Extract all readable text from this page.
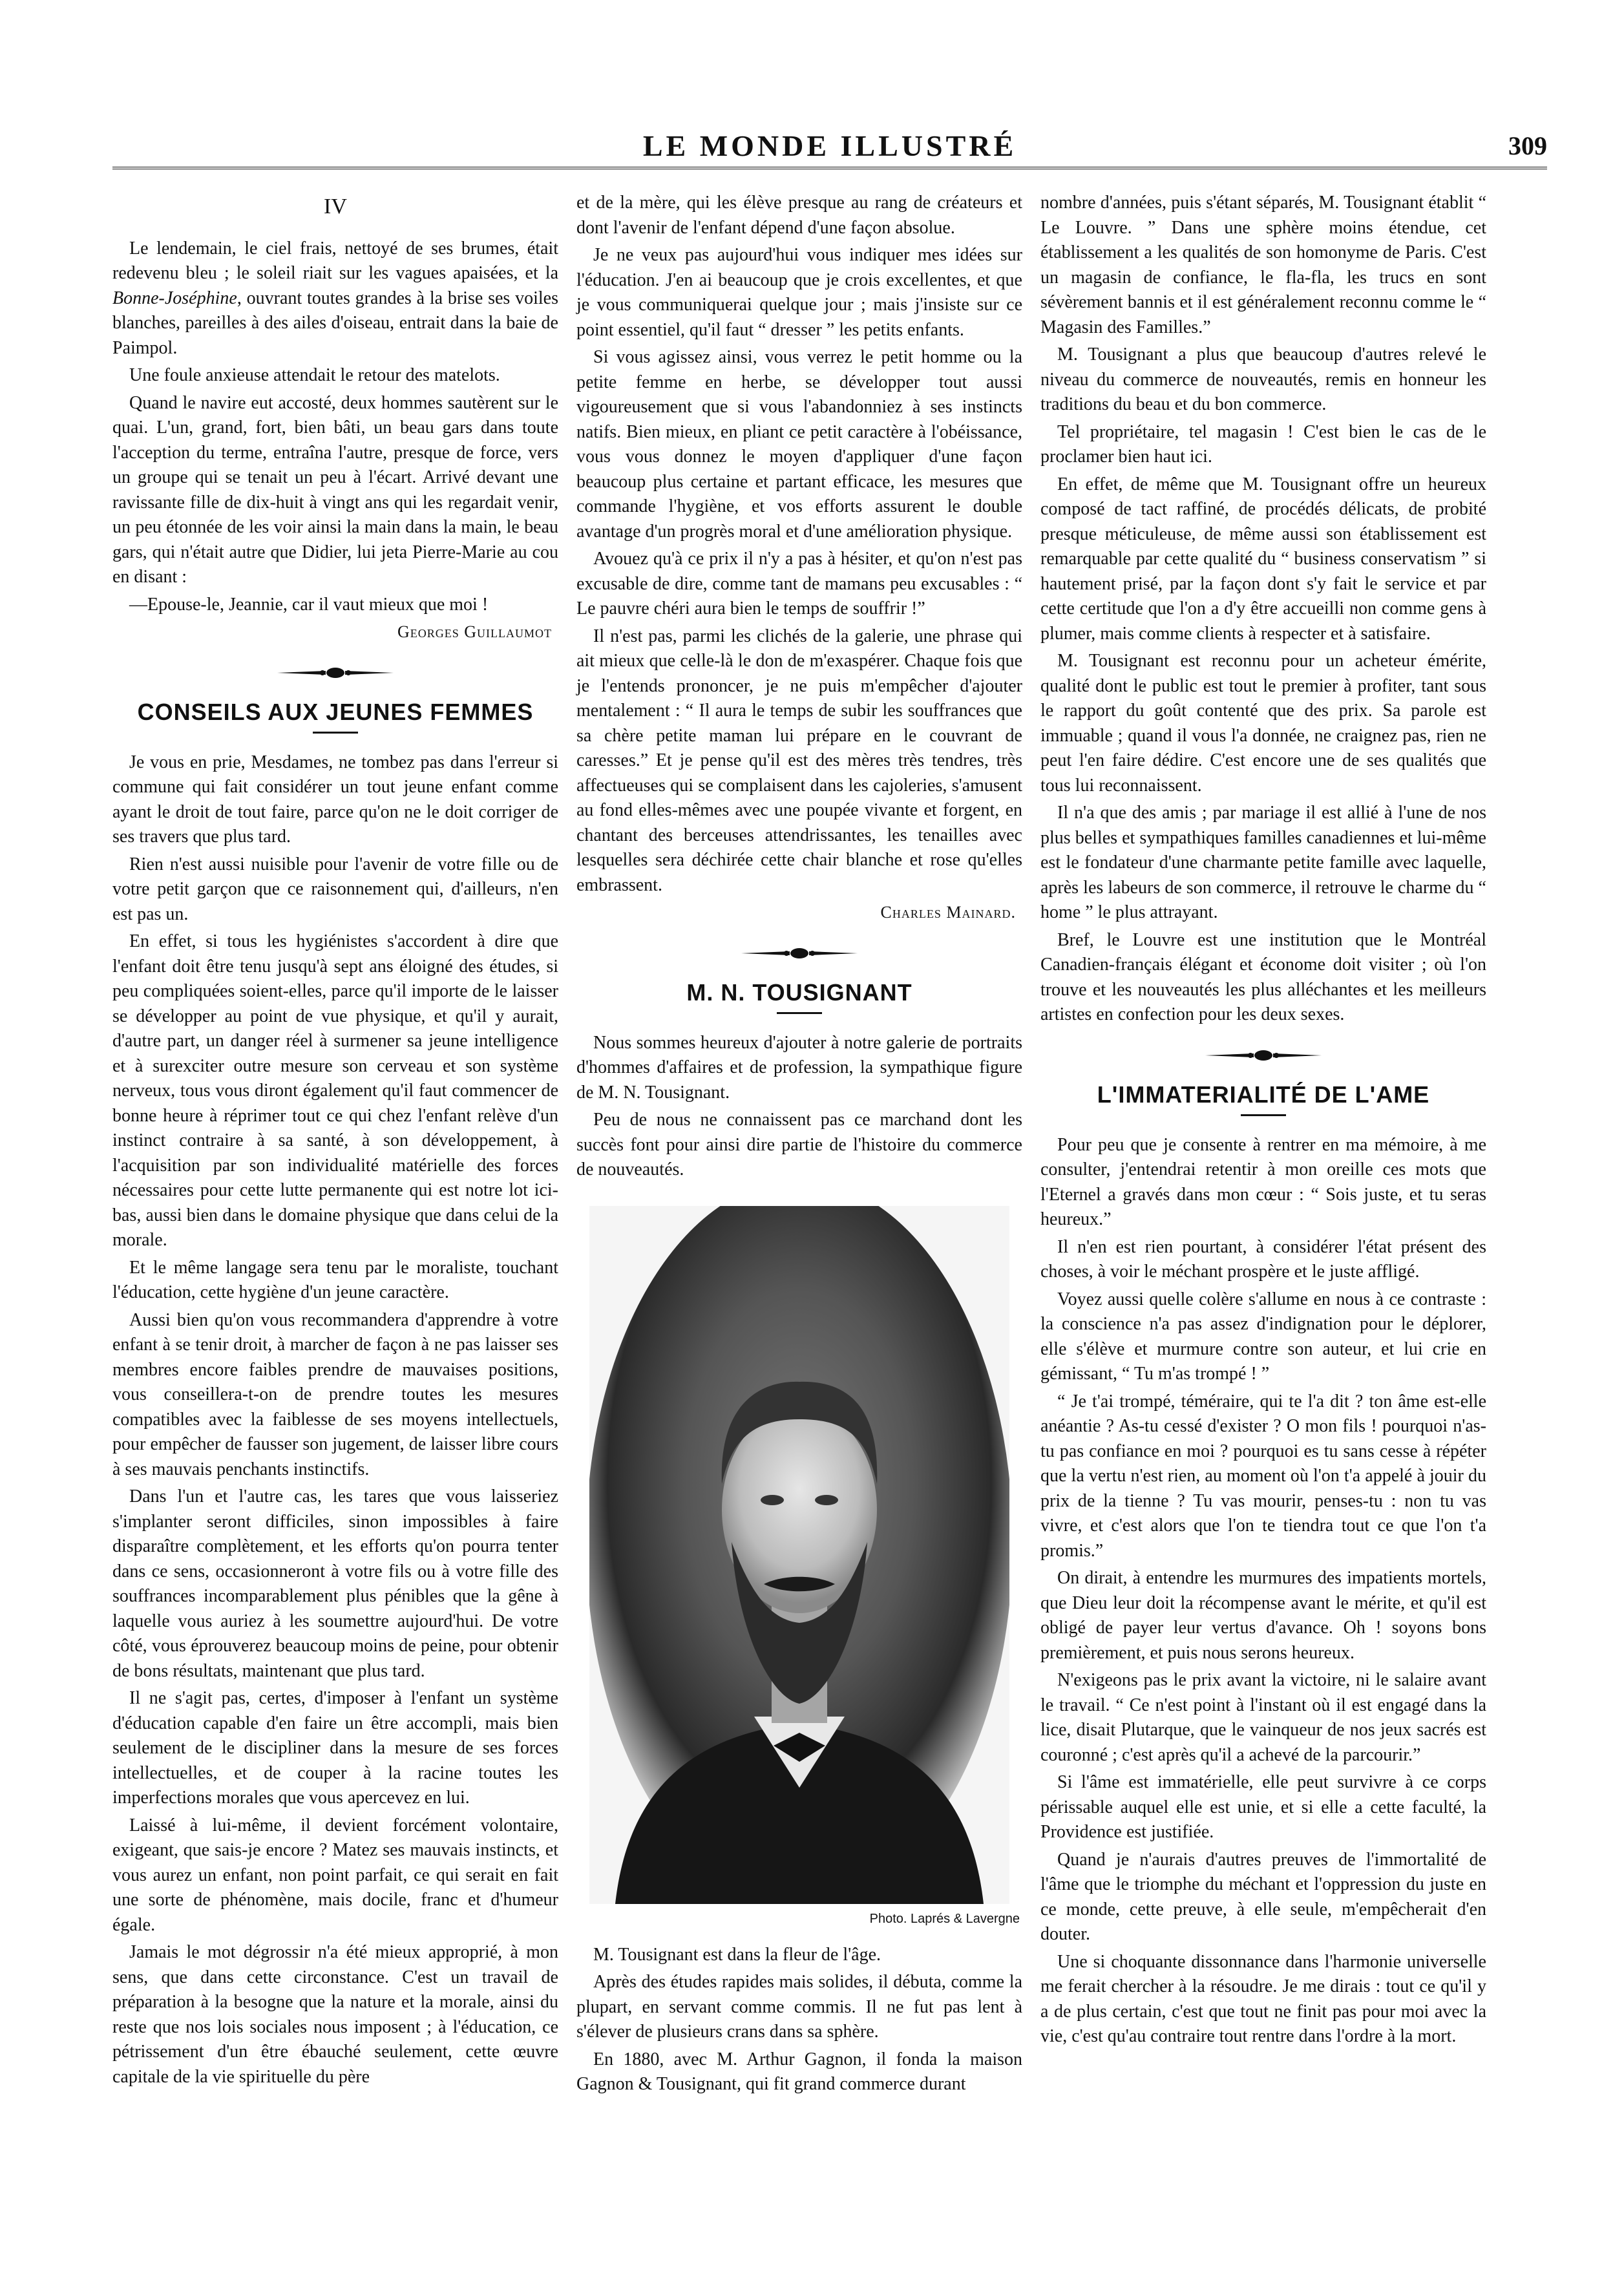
LE MONDE ILLUSTRÉ	309
IV

Le lendemain, le ciel frais, nettoyé de ses brumes, était redevenu bleu ; le soleil riait sur les vagues apaisées, et la Bonne-Joséphine, ouvrant toutes grandes à la brise ses voiles blanches, pareilles à des ailes d'oiseau, entrait dans la baie de Paimpol.

Une foule anxieuse attendait le retour des matelots.

Quand le navire eut accosté, deux hommes sautèrent sur le quai. L'un, grand, fort, bien bâti, un beau gars dans toute l'acception du terme, entraîna l'autre, presque de force, vers un groupe qui se tenait un peu à l'écart. Arrivé devant une ravissante fille de dix-huit à vingt ans qui les regardait venir, un peu étonnée de les voir ainsi la main dans la main, le beau gars, qui n'était autre que Didier, lui jeta Pierre-Marie au cou en disant :

—Epouse-le, Jeannie, car il vaut mieux que moi !

Georges Guillaumot
CONSEILS AUX JEUNES FEMMES

Je vous en prie, Mesdames, ne tombez pas dans l'erreur si commune qui fait considérer un tout jeune enfant comme ayant le droit de tout faire, parce qu'on ne le doit corriger de ses travers que plus tard.

Rien n'est aussi nuisible pour l'avenir de votre fille ou de votre petit garçon que ce raisonnement qui, d'ailleurs, n'en est pas un.

En effet, si tous les hygiénistes s'accordent à dire que l'enfant doit être tenu jusqu'à sept ans éloigné des études, si peu compliquées soient-elles, parce qu'il importe de le laisser se développer au point de vue physique, et qu'il y aurait, d'autre part, un danger réel à surmener sa jeune intelligence et à surexciter outre mesure son cerveau et son système nerveux, tous vous diront également qu'il faut commencer de bonne heure à réprimer tout ce qui chez l'enfant relève d'un instinct contraire à sa santé, à son développement, à l'acquisition par son individualité matérielle des forces nécessaires pour cette lutte permanente qui est notre lot ici-bas, aussi bien dans le domaine physique que dans celui de la morale.

Et le même langage sera tenu par le moraliste, touchant l'éducation, cette hygiène d'un jeune caractère.

Aussi bien qu'on vous recommandera d'apprendre à votre enfant à se tenir droit, à marcher de façon à ne pas laisser ses membres encore faibles prendre de mauvaises positions, vous conseillera-t-on de prendre toutes les mesures compatibles avec la faiblesse de ses moyens intellectuels, pour empêcher de fausser son jugement, de laisser libre cours à ses mauvais penchants instinctifs.

Dans l'un et l'autre cas, les tares que vous laisseriez s'implanter seront difficiles, sinon impossibles à faire disparaître complètement, et les efforts qu'on pourra tenter dans ce sens, occasionneront à votre fils ou à votre fille des souffrances incomparablement plus pénibles que la gêne à laquelle vous auriez à les soumettre aujourd'hui. De votre côté, vous éprouverez beaucoup moins de peine, pour obtenir de bons résultats, maintenant que plus tard.

Il ne s'agit pas, certes, d'imposer à l'enfant un système d'éducation capable d'en faire un être accompli, mais bien seulement de le discipliner dans la mesure de ses forces intellectuelles, et de couper à la racine toutes les imperfections morales que vous apercevez en lui.

Laissé à lui-même, il devient forcément volontaire, exigeant, que sais-je encore ? Matez ses mauvais instincts, et vous aurez un enfant, non point parfait, ce qui serait en fait une sorte de phénomène, mais docile, franc et d'humeur égale.

Jamais le mot dégrossir n'a été mieux approprié, à mon sens, que dans cette circonstance. C'est un travail de préparation à la besogne que la nature et la morale, ainsi du reste que nos lois sociales nous imposent ; à l'éducation, ce pétrissement d'un être ébauché seulement, cette œuvre capitale de la vie spirituelle du père

et de la mère, qui les élève presque au rang de créateurs et dont l'avenir de l'enfant dépend d'une façon absolue.

Je ne veux pas aujourd'hui vous indiquer mes idées sur l'éducation. J'en ai beaucoup que je crois excellentes, et que je vous communiquerai quelque jour ; mais j'insiste sur ce point essentiel, qu'il faut “ dresser ” les petits enfants.

Si vous agissez ainsi, vous verrez le petit homme ou la petite femme en herbe, se développer tout aussi vigoureusement que si vous l'abandonniez à ses instincts natifs. Bien mieux, en pliant ce petit caractère à l'obéissance, vous vous donnez le moyen d'appliquer d'une façon beaucoup plus certaine et partant efficace, les mesures que commande l'hygiène, et vos efforts assurent le double avantage d'un progrès moral et d'une amélioration physique.

Avouez qu'à ce prix il n'y a pas à hésiter, et qu'on n'est pas excusable de dire, comme tant de mamans peu excusables : “ Le pauvre chéri aura bien le temps de souffrir !”

Il n'est pas, parmi les clichés de la galerie, une phrase qui ait mieux que celle-là le don de m'exaspérer. Chaque fois que je l'entends prononcer, je ne puis m'empêcher d'ajouter mentalement : “ Il aura le temps de subir les souffrances que sa chère petite maman lui prépare en le couvrant de caresses.” Et je pense qu'il est des mères très tendres, très affectueuses qui se complaisent dans les cajoleries, s'amusent au fond elles-mêmes avec une poupée vivante et forgent, en chantant des berceuses attendrissantes, les tenailles avec lesquelles sera déchirée cette chair blanche et rose qu'elles embrassent.

Charles Mainard.
M. N. TOUSIGNANT

Nous sommes heureux d'ajouter à notre galerie de portraits d'hommes d'affaires et de profession, la sympathique figure de M. N. Tousignant.

Peu de nous ne connaissent pas ce marchand dont les succès font pour ainsi dire partie de l'histoire du commerce de nouveautés.

Photo. Laprés & Lavergne

M. Tousignant est dans la fleur de l'âge.

Après des études rapides mais solides, il débuta, comme la plupart, en servant comme commis. Il ne fut pas lent à s'élever de plusieurs crans dans sa sphère.

En 1880, avec M. Arthur Gagnon, il fonda la maison Gagnon & Tousignant, qui fit grand commerce durant

nombre d'années, puis s'étant séparés, M. Tousignant établit “ Le Louvre. ” Dans une sphère moins étendue, cet établissement a les qualités de son homonyme de Paris. C'est un magasin de confiance, le fla-fla, les trucs en sont sévèrement bannis et il est généralement reconnu comme le “ Magasin des Familles.”

M. Tousignant a plus que beaucoup d'autres relevé le niveau du commerce de nouveautés, remis en honneur les traditions du beau et du bon commerce.

Tel propriétaire, tel magasin ! C'est bien le cas de le proclamer bien haut ici.

En effet, de même que M. Tousignant offre un heureux composé de tact raffiné, de procédés délicats, de probité presque méticuleuse, de même aussi son établissement est remarquable par cette qualité du “ business conservatism ” si hautement prisé, par la façon dont s'y fait le service et par cette certitude que l'on a d'y être accueilli non comme gens à plumer, mais comme clients à respecter et à satisfaire.

M. Tousignant est reconnu pour un acheteur émérite, qualité dont le public est tout le premier à profiter, tant sous le rapport du goût contenté que des prix. Sa parole est immuable ; quand il vous l'a donnée, ne craignez pas, rien ne peut l'en faire dédire. C'est encore une de ses qualités que tous lui reconnaissent.

Il n'a que des amis ; par mariage il est allié à l'une de nos plus belles et sympathiques familles canadiennes et lui-même est le fondateur d'une charmante petite famille avec laquelle, après les labeurs de son commerce, il retrouve le charme du “ home ” le plus attrayant.

Bref, le Louvre est une institution que le Montréal Canadien-français élégant et économe doit visiter ; où l'on trouve et les nouveautés les plus alléchantes et les meilleurs artistes en confection pour les deux sexes.

L'IMMATERIALITÉ DE L'AME

Pour peu que je consente à rentrer en ma mémoire, à me consulter, j'entendrai retentir à mon oreille ces mots que l'Eternel a gravés dans mon cœur : “ Sois juste, et tu seras heureux.”

Il n'en est rien pourtant, à considérer l'état présent des choses, à voir le méchant prospère et le juste affligé.

Voyez aussi quelle colère s'allume en nous à ce contraste : la conscience n'a pas assez d'indignation pour le déplorer, elle s'élève et murmure contre son auteur, et lui crie en gémissant, “ Tu m'as trompé ! ”

“ Je t'ai trompé, téméraire, qui te l'a dit ? ton âme est-elle anéantie ? As-tu cessé d'exister ? O mon fils ! pourquoi n'as-tu pas confiance en moi ? pourquoi es tu sans cesse à répéter que la vertu n'est rien, au moment où l'on t'a appelé à jouir du prix de la tienne ? Tu vas mourir, penses-tu : non tu vas vivre, et c'est alors que l'on te tiendra tout ce que l'on t'a promis.”

On dirait, à entendre les murmures des impatients mortels, que Dieu leur doit la récompense avant le mérite, et qu'il est obligé de payer leur vertus d'avance. Oh ! soyons bons premièrement, et puis nous serons heureux.

N'exigeons pas le prix avant la victoire, ni le salaire avant le travail. “ Ce n'est point à l'instant où il est engagé dans la lice, disait Plutarque, que le vainqueur de nos jeux sacrés est couronné ; c'est après qu'il a achevé de la parcourir.”

Si l'âme est immatérielle, elle peut survivre à ce corps périssable auquel elle est unie, et si elle a cette faculté, la Providence est justifiée.

Quand je n'aurais d'autres preuves de l'immortalité de l'âme que le triomphe du méchant et l'oppression du juste en ce monde, cette preuve, à elle seule, m'empêcherait d'en douter.

Une si choquante dissonnance dans l'harmonie universelle me ferait chercher à la résoudre. Je me dirais : tout ce qu'il y a de plus certain, c'est que tout ne finit pas pour moi avec la vie, c'est qu'au contraire tout rentre dans l'ordre à la mort.
